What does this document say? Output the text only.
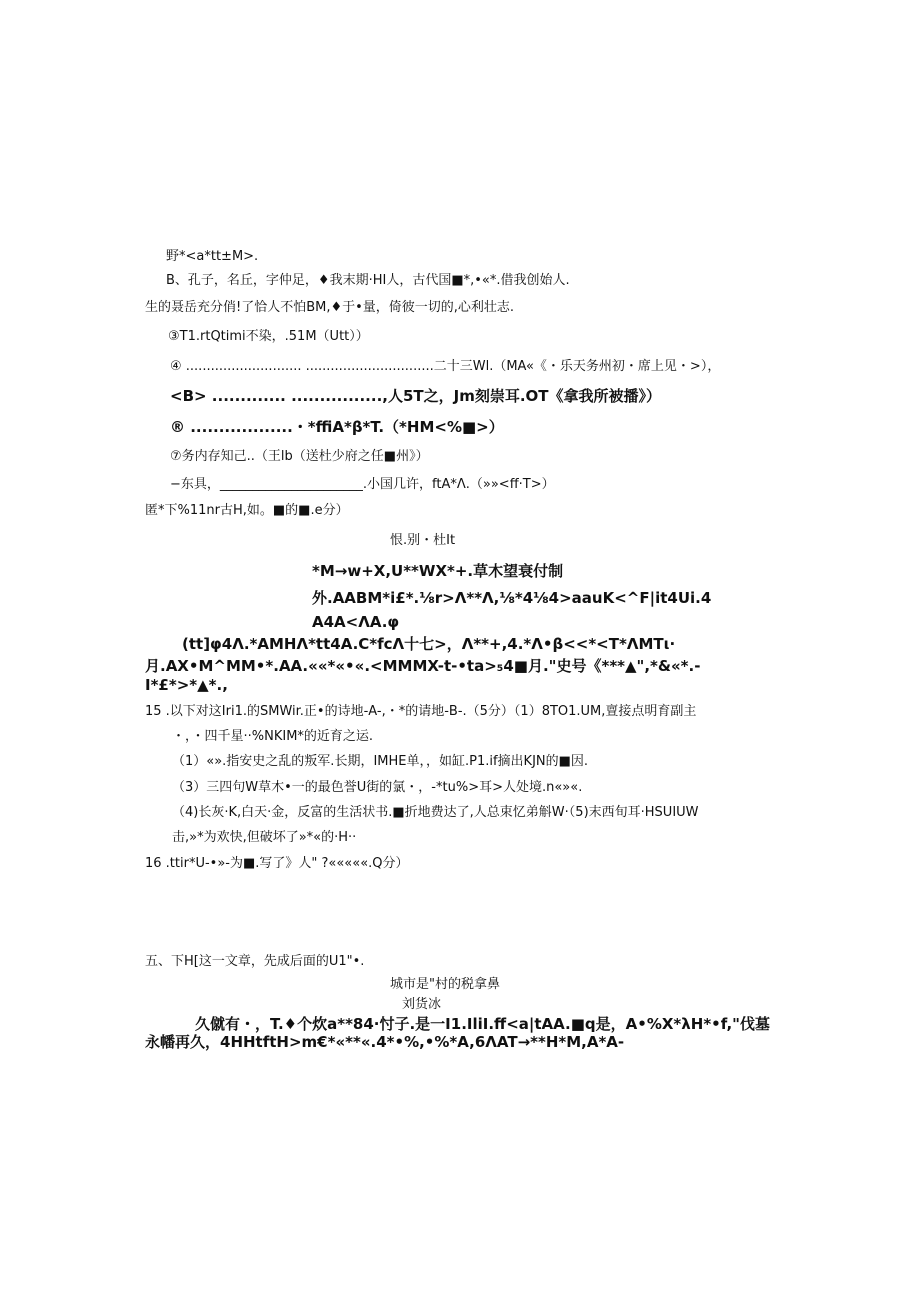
野*<a*tt±M>.
B、孔子，名丘，字仲足，♦我末期·HI人，古代国■*,•«*.借我创始人.
生的聂岳充分俏!了恰人不怕BM,♦于•量，倚彼一切的,心利壮志.
③T1.rtQtimi不染，.51M（Utt））
④ ............................ ...............................二十三Wl.（MA«《・乐天务州初・席上见・>），
<B> ............. ................,人5T之，Jm刻崇耳.OT《拿我所被播》）
® ..................・*ffiA*β*T.（*HM<%■>）
⑦务内存知己..（王lb（送杜少府之任■州》）
−东具，______________________.小国几许，ftA*Λ.（»»<ff·T>）
匿*下%11nr古H,如。■的■.e分）
恨.别・杜It
*M→w+X,U**WX*+.草木望衰付制
外.AABM*i£*.⅛r>Λ**Λ,⅛*4⅛4>aauK<^F|it4Ui.4
A4A<ΛA.φ
(tt]φ4Λ.*AMHΛ*tt4A.C*fcΛ十七>，Λ**+,4.*Λ•β<<*<T*ΛMTι·
月.AX•M^MM•*.AA.««*«•«.<MMMX-t-•ta>₅4■月."史号《***▲",*&«*.-
I*£*>*▲*.,
15 .以下对这Iri1.的SMWir.正•的诗地-A-,・*的请地-B-.（5分）（1）8TO1.UM,亶接点明育副主
・，・四千星··%NKIM*的近育之运.
（1）«».指安史之乱的叛军.长期，IMHE单，，如缸.P1.if摘出KJN的■因.
（3）三四句W草木•一的最色誉U街的氯・，-*tu%>耳>人处境.n«»«.
（4)长灰·K,白天·金，反富的生活状书.■折地费达了,人总束忆弟斛W·（5)末西旬耳·HSUIUW
击,»*为欢快,但破坏了»*«的·H··
16 .ttir*U-•»-为■.写了》人" ?«««««.Q分）
五、下H[这一文章，先成后面的U1"•.
城市是"村的税拿鼻
刘货冰
久僦有・，T.♦个炊a**84·忖子.是一I1.IliI.ff<a|tAA.■q是，A•%X*λH*•f,"伐墓
永幡再久，4HHtftH>m€*«**«.4*•%,•%*A,6ΛAT→**H*M,A*A-
